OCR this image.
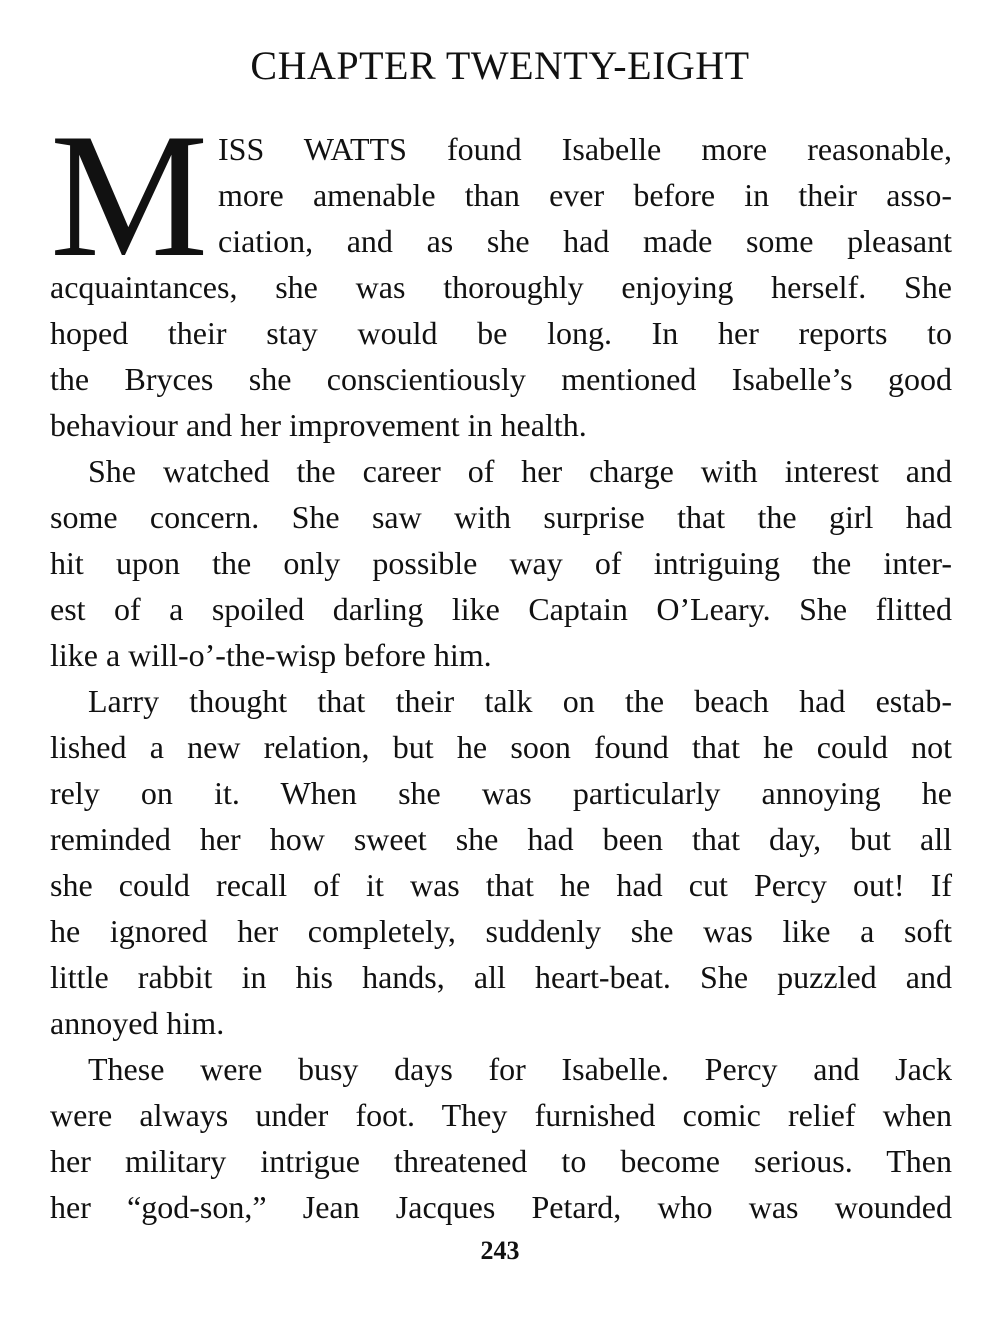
CHAPTER TWENTY-EIGHT
M ISS WATTS found Isabelle more reasonable,
more amenable than ever before in their asso-
ciation, and as she had made some pleasant
acquaintances, she was thoroughly enjoying herself. She
hoped their stay would be long. In her reports to
the Bryces she conscientiously mentioned Isabelle’s good
behaviour and her improvement in health.
She watched the career of her charge with interest and
some concern. She saw with surprise that the girl had
hit upon the only possible way of intriguing the inter-
est of a spoiled darling like Captain O’Leary. She flitted
like a will-o’-the-wisp before him.
Larry thought that their talk on the beach had estab-
lished a new relation, but he soon found that he could not
rely on it. When she was particularly annoying he
reminded her how sweet she had been that day, but all
she could recall of it was that he had cut Percy out! If
he ignored her completely, suddenly she was like a soft
little rabbit in his hands, all heart-beat. She puzzled and
annoyed him.
These were busy days for Isabelle. Percy and Jack
were always under foot. They furnished comic relief when
her military intrigue threatened to become serious. Then
her “god-son,” Jean Jacques Petard, who was wounded

243
